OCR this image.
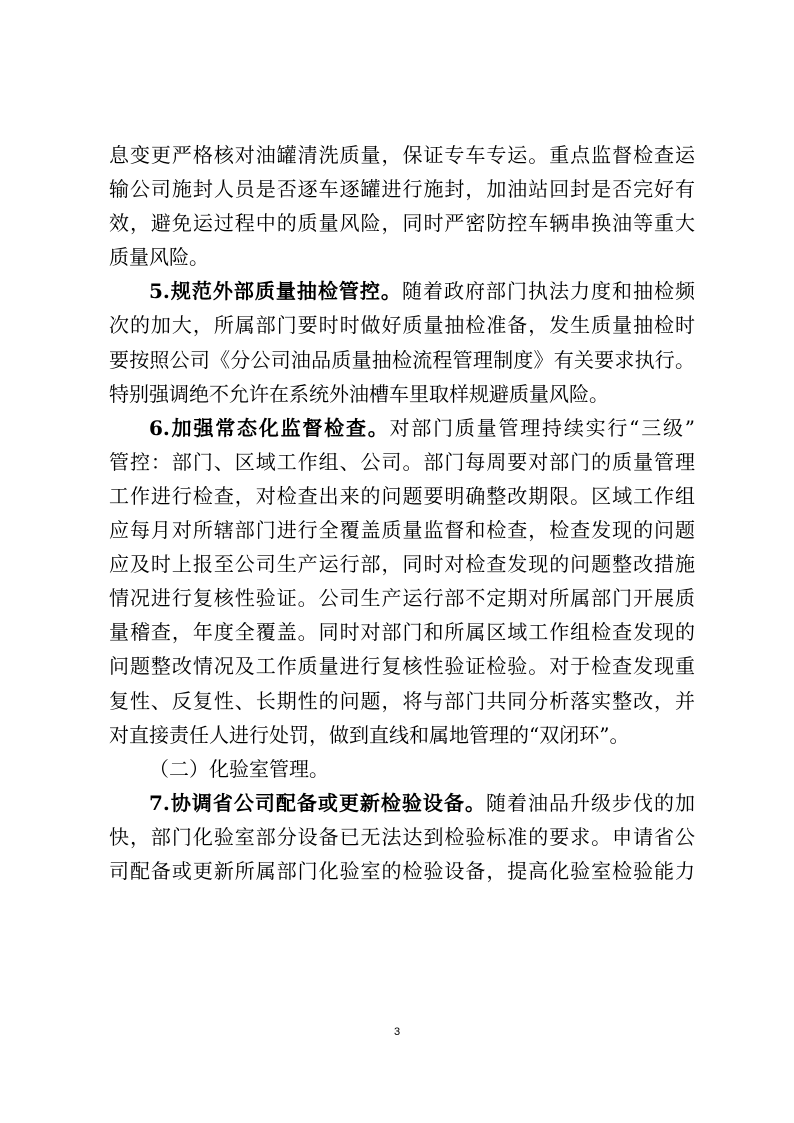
息变更严格核对油罐清洗质量，保证专车专运。重点监督检查运
输公司施封人员是否逐车逐罐进行施封，加油站回封是否完好有
效，避免运过程中的质量风险，同时严密防控车辆串换油等重大
质量风险。
5.规范外部质量抽检管控。随着政府部门执法力度和抽检频
次的加大，所属部门要时时做好质量抽检准备，发生质量抽检时
要按照公司《分公司油品质量抽检流程管理制度》有关要求执行。
特别强调绝不允许在系统外油槽车里取样规避质量风险。
6.加强常态化监督检查。对部门质量管理持续实行“三级”
管控：部门、区域工作组、公司。部门每周要对部门的质量管理
工作进行检查，对检查出来的问题要明确整改期限。区域工作组
应每月对所辖部门进行全覆盖质量监督和检查，检查发现的问题
应及时上报至公司生产运行部，同时对检查发现的问题整改措施
情况进行复核性验证。公司生产运行部不定期对所属部门开展质
量稽查，年度全覆盖。同时对部门和所属区域工作组检查发现的
问题整改情况及工作质量进行复核性验证检验。对于检查发现重
复性、反复性、长期性的问题，将与部门共同分析落实整改，并
对直接责任人进行处罚，做到直线和属地管理的“双闭环”。
（二）化验室管理。
7.协调省公司配备或更新检验设备。随着油品升级步伐的加
快，部门化验室部分设备已无法达到检验标准的要求。申请省公
司配备或更新所属部门化验室的检验设备，提高化验室检验能力
3
